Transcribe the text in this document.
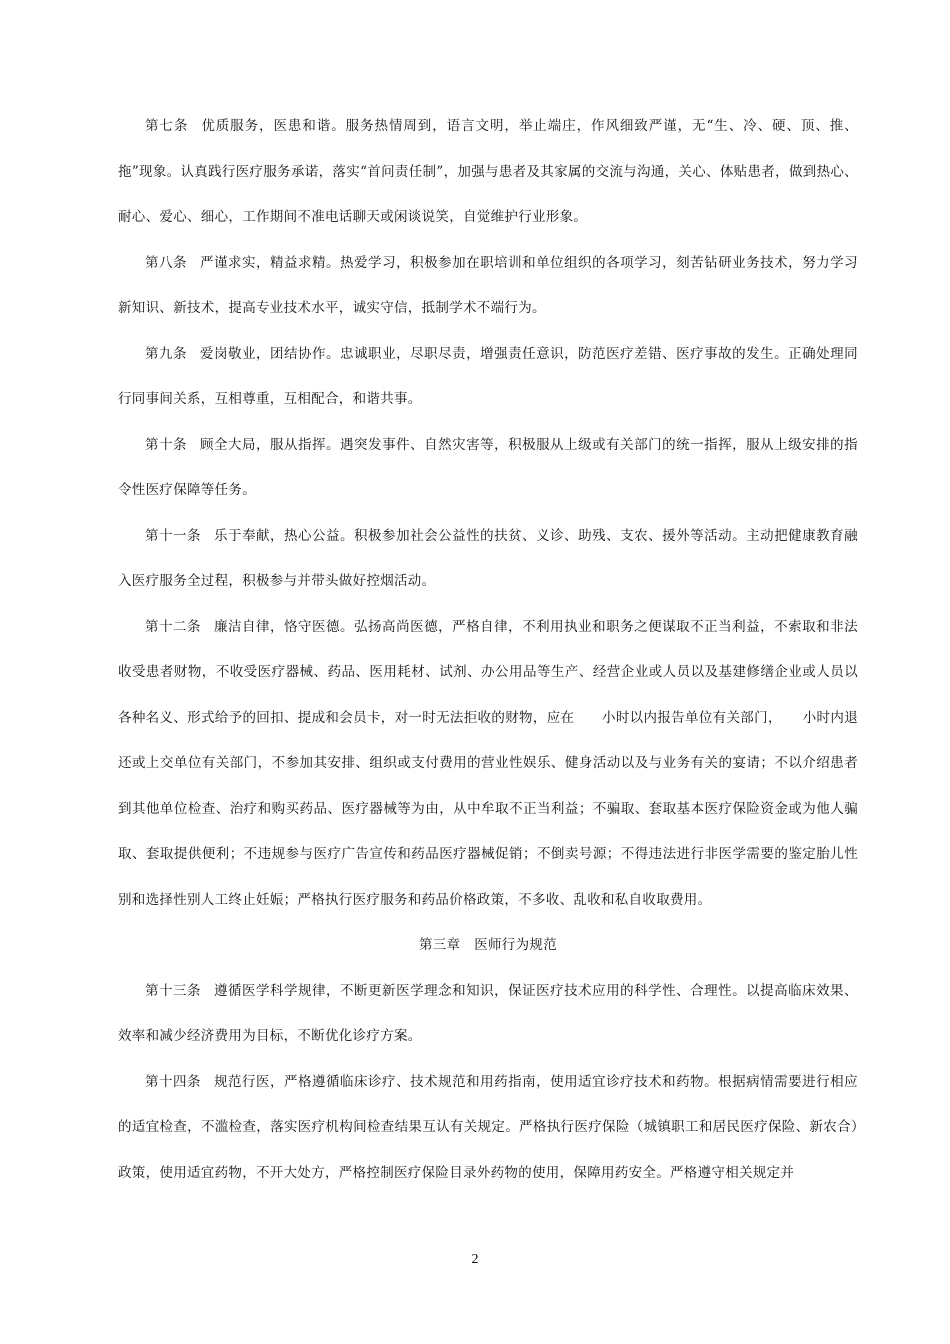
第七条 优质服务，医患和谐。服务热情周到，语言文明，举止端庄，作风细致严谨，无“生、冷、硬、顶、推、拖”现象。认真践行医疗服务承诺，落实“首问责任制”，加强与患者及其家属的交流与沟通，关心、体贴患者，做到热心、耐心、爱心、细心，工作期间不准电话聊天或闲谈说笑，自觉维护行业形象。

第八条 严谨求实，精益求精。热爱学习，积极参加在职培训和单位组织的各项学习，刻苦钻研业务技术，努力学习新知识、新技术，提高专业技术水平，诚实守信，抵制学术不端行为。

第九条 爱岗敬业，团结协作。忠诚职业，尽职尽责，增强责任意识，防范医疗差错、医疗事故的发生。正确处理同行同事间关系，互相尊重，互相配合，和谐共事。

第十条 顾全大局，服从指挥。遇突发事件、自然灾害等，积极服从上级或有关部门的统一指挥，服从上级安排的指令性医疗保障等任务。

第十一条 乐于奉献，热心公益。积极参加社会公益性的扶贫、义诊、助残、支农、援外等活动。主动把健康教育融入医疗服务全过程，积极参与并带头做好控烟活动。

第十二条 廉洁自律，恪守医德。弘扬高尚医德，严格自律，不利用执业和职务之便谋取不正当利益，不索取和非法收受患者财物，不收受医疗器械、药品、医用耗材、试剂、办公用品等生产、经营企业或人员以及基建修缮企业或人员以各种名义、形式给予的回扣、提成和会员卡，对一时无法拒收的财物，应在　　小时以内报告单位有关部门，　　小时内退还或上交单位有关部门，不参加其安排、组织或支付费用的营业性娱乐、健身活动以及与业务有关的宴请；不以介绍患者到其他单位检查、治疗和购买药品、医疗器械等为由，从中牟取不正当利益；不骗取、套取基本医疗保险资金或为他人骗取、套取提供便利；不违规参与医疗广告宣传和药品医疗器械促销；不倒卖号源；不得违法进行非医学需要的鉴定胎儿性别和选择性别人工终止妊娠；严格执行医疗服务和药品价格政策，不多收、乱收和私自收取费用。

第三章　医师行为规范

第十三条 遵循医学科学规律，不断更新医学理念和知识，保证医疗技术应用的科学性、合理性。以提高临床效果、效率和减少经济费用为目标，不断优化诊疗方案。

第十四条 规范行医，严格遵循临床诊疗、技术规范和用药指南，使用适宜诊疗技术和药物。根据病情需要进行相应的适宜检查，不滥检查，落实医疗机构间检查结果互认有关规定。严格执行医疗保险（城镇职工和居民医疗保险、新农合）政策，使用适宜药物，不开大处方，严格控制医疗保险目录外药物的使用，保障用药安全。严格遵守相关规定并

2
